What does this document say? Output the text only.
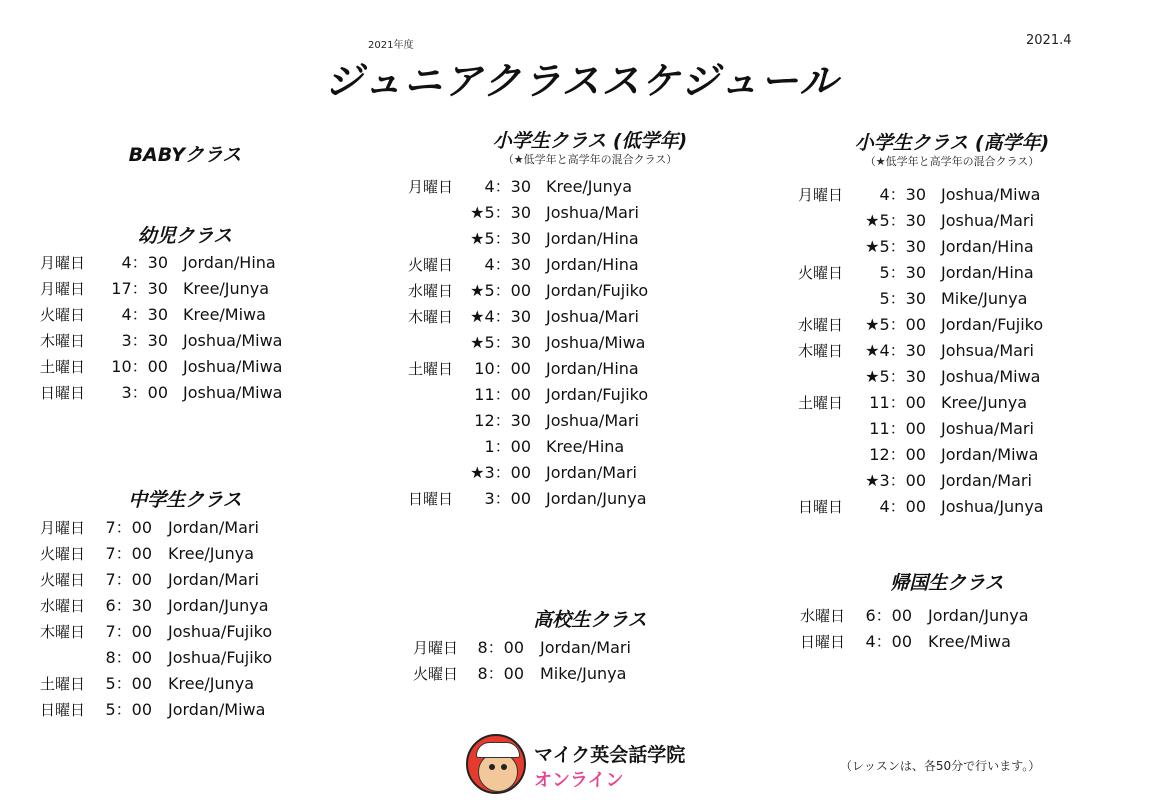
2021年度	2021.4
ジュニアクラススケジュール
BABYクラス
幼児クラス
月曜日 4：30 Jordan/Hina
月曜日 17：30 Kree/Junya
火曜日 4：30 Kree/Miwa
木曜日 3：30 Joshua/Miwa
土曜日 10：00 Joshua/Miwa
日曜日 3：00 Joshua/Miwa
中学生クラス
月曜日 7：00 Jordan/Mari
火曜日 7：00 Kree/Junya
火曜日 7：00 Jordan/Mari
水曜日 6：30 Jordan/Junya
木曜日 7：00 Joshua/Fujiko
8：00 Joshua/Fujiko
土曜日 5：00 Kree/Junya
日曜日 5：00 Jordan/Miwa
小学生クラス (低学年)
（★低学年と高学年の混合クラス）
月曜日 4：30 Kree/Junya
★5：30 Joshua/Mari
★5：30 Jordan/Hina
火曜日 4：30 Jordan/Hina
水曜日 ★5：00 Jordan/Fujiko
木曜日 ★4：30 Joshua/Mari
★5：30 Joshua/Miwa
土曜日 10：00 Jordan/Hina
11：00 Jordan/Fujiko
12：30 Joshua/Mari
1：00 Kree/Hina
★3：00 Jordan/Mari
日曜日 3：00 Jordan/Junya
高校生クラス
月曜日 8：00 Jordan/Mari
火曜日 8：00 Mike/Junya
小学生クラス (高学年)
（★低学年と高学年の混合クラス）
月曜日 4：30 Joshua/Miwa
★5：30 Joshua/Mari
★5：30 Jordan/Hina
火曜日 5：30 Jordan/Hina
5：30 Mike/Junya
水曜日 ★5：00 Jordan/Fujiko
木曜日 ★4：30 Johsua/Mari
★5：30 Joshua/Miwa
土曜日 11：00 Kree/Junya
11：00 Joshua/Mari
12：00 Jordan/Miwa
★3：00 Jordan/Mari
日曜日 4：00 Joshua/Junya
帰国生クラス
水曜日 6：00 Jordan/Junya
日曜日 4：00 Kree/Miwa
マイク英会話学院
オンライン
（レッスンは、各50分で行います。）
